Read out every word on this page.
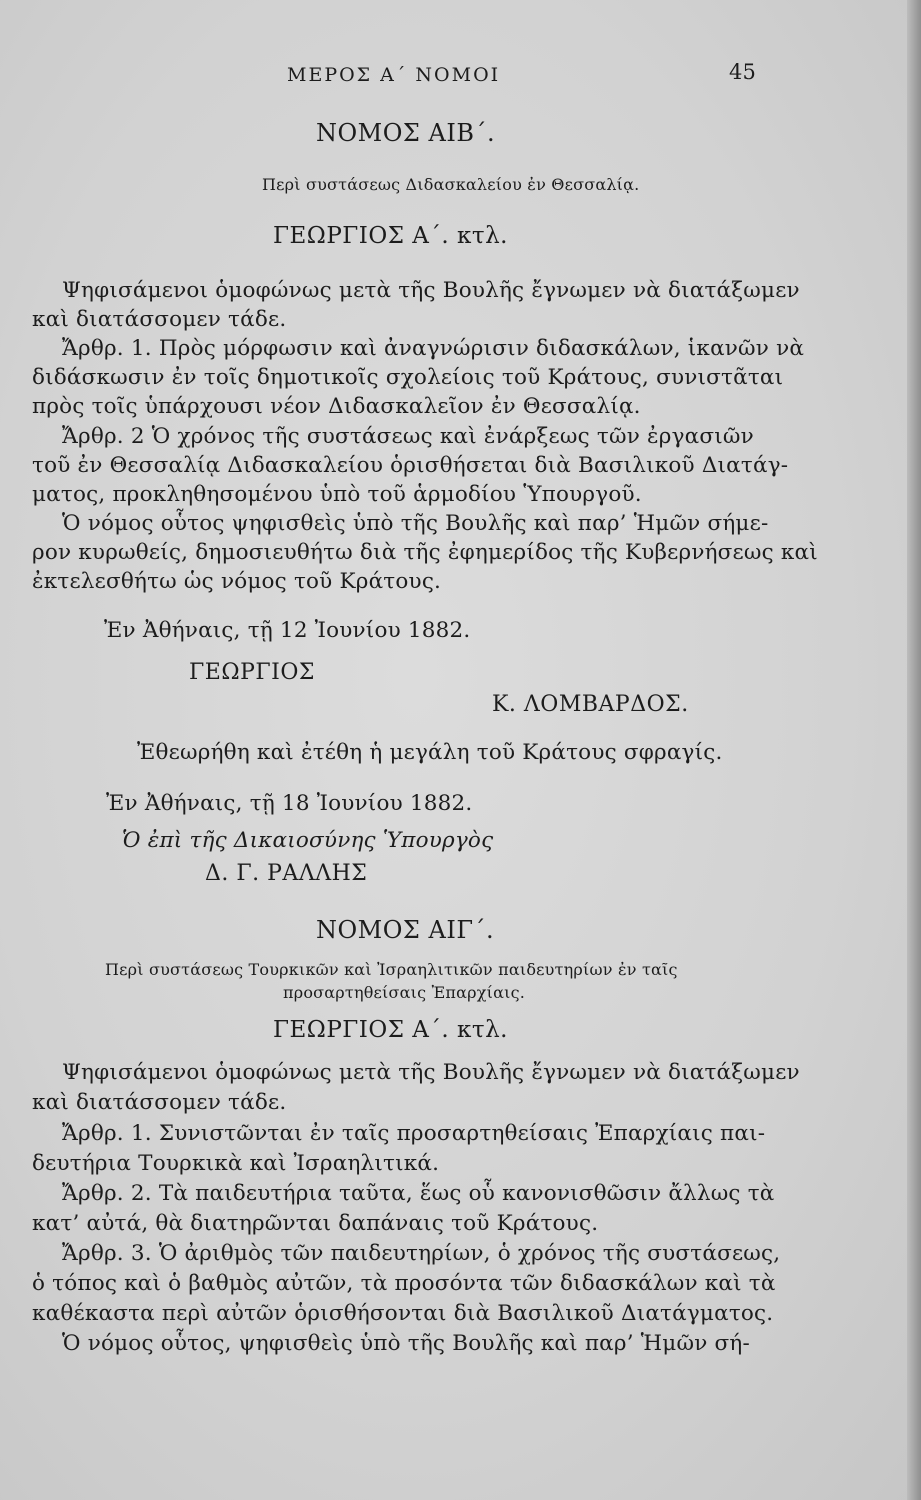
ΜΕΡΟΣ Α΄ ΝΟΜΟΙ	45
ΝΟΜΟΣ ΑΙΒ΄.
Περὶ συστάσεως Διδασκαλείου ἐν Θεσσαλίᾳ.
ΓΕΩΡΓΙΟΣ Α΄. κτλ.
Ψηφισάμενοι ὁμοφώνως μετὰ τῆς Βουλῆς ἔγνωμεν νὰ διατάξωμεν
καὶ διατάσσομεν τάδε.
Ἄρθρ. 1. Πρὸς μόρφωσιν καὶ ἀναγνώρισιν διδασκάλων, ἱκανῶν νὰ
διδάσκωσιν ἐν τοῖς δημοτικοῖς σχολείοις τοῦ Κράτους, συνιστᾶται
πρὸς τοῖς ὑπάρχουσι νέον Διδασκαλεῖον ἐν Θεσσαλίᾳ.
Ἄρθρ. 2 Ὁ χρόνος τῆς συστάσεως καὶ ἐνάρξεως τῶν ἐργασιῶν
τοῦ ἐν Θεσσαλίᾳ Διδασκαλείου ὁρισθήσεται διὰ Βασιλικοῦ Διατάγ-
ματος, προκληθησομένου ὑπὸ τοῦ ἁρμοδίου Ὑπουργοῦ.
Ὁ νόμος οὗτος ψηφισθεὶς ὑπὸ τῆς Βουλῆς καὶ παρ’ Ἡμῶν σήμε-
ρον κυρωθείς, δημοσιευθήτω διὰ τῆς ἐφημερίδος τῆς Κυβερνήσεως καὶ
ἐκτελεσθήτω ὡς νόμος τοῦ Κράτους.
Ἐν Ἀθήναις, τῇ 12 Ἰουνίου 1882.
ΓΕΩΡΓΙΟΣ
Κ. ΛΟΜΒΑΡΔΟΣ.
Ἐθεωρήθη καὶ ἐτέθη ἡ μεγάλη τοῦ Κράτους σφραγίς.
Ἐν Ἀθήναις, τῇ 18 Ἰουνίου 1882.
Ὁ ἐπὶ τῆς Δικαιοσύνης Ὑπουργὸς
Δ. Γ. ΡΑΛΛΗΣ
ΝΟΜΟΣ ΑΙΓ΄.
Περὶ συστάσεως Τουρκικῶν καὶ Ἰσραηλιτικῶν παιδευτηρίων ἐν ταῖς
προσαρτηθείσαις Ἐπαρχίαις.
ΓΕΩΡΓΙΟΣ Α΄. κτλ.
Ψηφισάμενοι ὁμοφώνως μετὰ τῆς Βουλῆς ἔγνωμεν νὰ διατάξωμεν
καὶ διατάσσομεν τάδε.
Ἄρθρ. 1. Συνιστῶνται ἐν ταῖς προσαρτηθείσαις Ἐπαρχίαις παι-
δευτήρια Τουρκικὰ καὶ Ἰσραηλιτικά.
Ἄρθρ. 2. Τὰ παιδευτήρια ταῦτα, ἕως οὗ κανονισθῶσιν ἄλλως τὰ
κατ’ αὐτά, θὰ διατηρῶνται δαπάναις τοῦ Κράτους.
Ἄρθρ. 3. Ὁ ἀριθμὸς τῶν παιδευτηρίων, ὁ χρόνος τῆς συστάσεως,
ὁ τόπος καὶ ὁ βαθμὸς αὐτῶν, τὰ προσόντα τῶν διδασκάλων καὶ τὰ
καθέκαστα περὶ αὐτῶν ὁρισθήσονται διὰ Βασιλικοῦ Διατάγματος.
Ὁ νόμος οὗτος, ψηφισθεὶς ὑπὸ τῆς Βουλῆς καὶ παρ’ Ἡμῶν σή-
